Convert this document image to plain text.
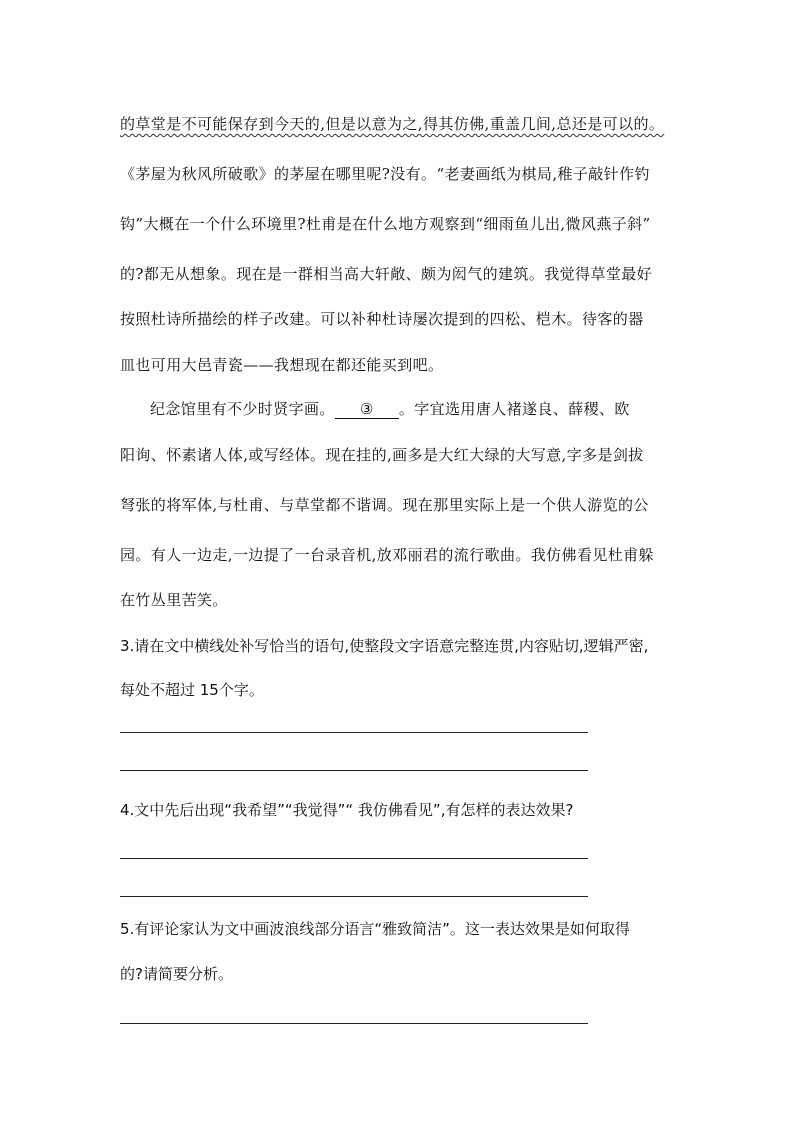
的草堂是不可能保存到今天的,但是以意为之,得其仿佛,重盖几间,总还是可以的。
《茅屋为秋风所破歌》的茅屋在哪里呢?没有。“老妻画纸为棋局,稚子敲针作钓
钩”大概在一个什么环境里?杜甫是在什么地方观察到“细雨鱼儿出,微风燕子斜”
的?都无从想象。现在是一群相当高大轩敞、颇为闳气的建筑。我觉得草堂最好
按照杜诗所描绘的样子改建。可以补种杜诗屡次提到的四松、桤木。待客的器
皿也可用大邑青瓷——我想现在都还能买到吧。
纪念馆里有不少时贤字画。 ③ 。字宜选用唐人褚遂良、薛稷、欧
阳询、怀素诸人体,或写经体。现在挂的,画多是大红大绿的大写意,字多是剑拔
弩张的将军体,与杜甫、与草堂都不谐调。现在那里实际上是一个供人游览的公
园。有人一边走,一边提了一台录音机,放邓丽君的流行歌曲。我仿佛看见杜甫躲
在竹丛里苦笑。
3.请在文中横线处补写恰当的语句,使整段文字语意完整连贯,内容贴切,逻辑严密,
每处不超过 15个字。
4.文中先后出现“我希望”“我觉得”“ 我仿佛看见”,有怎样的表达效果?
5.有评论家认为文中画波浪线部分语言“雅致简洁”。这一表达效果是如何取得
的?请简要分析。
